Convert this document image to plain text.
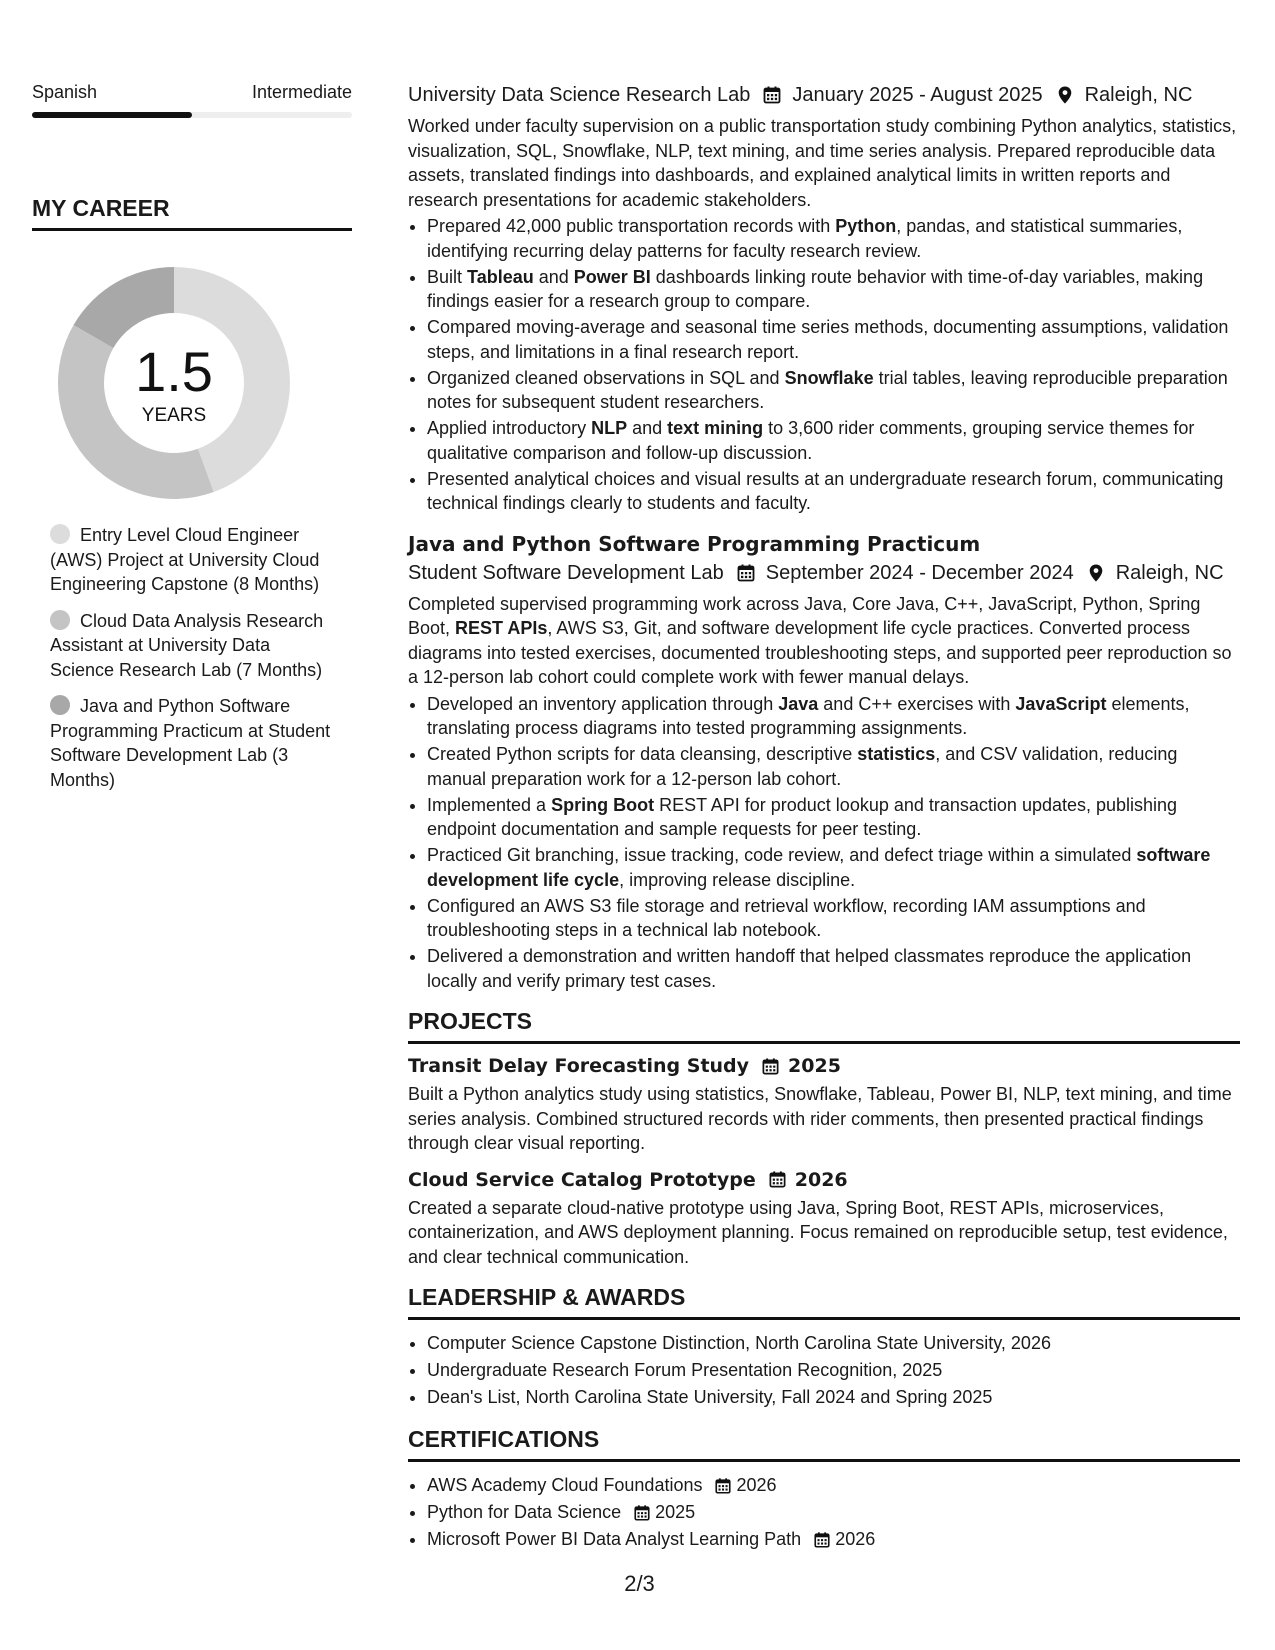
Spanish	Intermediate
MY CAREER
1.5
YEARS
Entry Level Cloud Engineer (AWS) Project at University Cloud Engineering Capstone (8 Months)
Cloud Data Analysis Research Assistant at University Data Science Research Lab (7 Months)
Java and Python Software Programming Practicum at Student Software Development Lab (3 Months)
University Data Science Research Lab January 2025 - August 2025 Raleigh, NC

Worked under faculty supervision on a public transportation study combining Python analytics, statistics, visualization, SQL, Snowflake, NLP, text mining, and time series analysis. Prepared reproducible data assets, translated findings into dashboards, and explained analytical limits in written reports and research presentations for academic stakeholders.

• Prepared 42,000 public transportation records with Python, pandas, and statistical summaries, identifying recurring delay patterns for faculty research review.
• Built Tableau and Power BI dashboards linking route behavior with time-of-day variables, making findings easier for a research group to compare.
• Compared moving-average and seasonal time series methods, documenting assumptions, validation steps, and limitations in a final research report.
• Organized cleaned observations in SQL and Snowflake trial tables, leaving reproducible preparation notes for subsequent student researchers.
• Applied introductory NLP and text mining to 3,600 rider comments, grouping service themes for qualitative comparison and follow-up discussion.
• Presented analytical choices and visual results at an undergraduate research forum, communicating technical findings clearly to students and faculty.
Java and Python Software Programming Practicum
Student Software Development Lab September 2024 - December 2024 Raleigh, NC

Completed supervised programming work across Java, Core Java, C++, JavaScript, Python, Spring Boot, REST APIs, AWS S3, Git, and software development life cycle practices. Converted process diagrams into tested exercises, documented troubleshooting steps, and supported peer reproduction so a 12-person lab cohort could complete work with fewer manual delays.

• Developed an inventory application through Java and C++ exercises with JavaScript elements, translating process diagrams into tested programming assignments.
• Created Python scripts for data cleansing, descriptive statistics, and CSV validation, reducing manual preparation work for a 12-person lab cohort.
• Implemented a Spring Boot REST API for product lookup and transaction updates, publishing endpoint documentation and sample requests for peer testing.
• Practiced Git branching, issue tracking, code review, and defect triage within a simulated software development life cycle, improving release discipline.
• Configured an AWS S3 file storage and retrieval workflow, recording IAM assumptions and troubleshooting steps in a technical lab notebook.
• Delivered a demonstration and written handoff that helped classmates reproduce the application locally and verify primary test cases.
PROJECTS
Transit Delay Forecasting Study 2025

Built a Python analytics study using statistics, Snowflake, Tableau, Power BI, NLP, text mining, and time series analysis. Combined structured records with rider comments, then presented practical findings through clear visual reporting.

Cloud Service Catalog Prototype 2026

Created a separate cloud-native prototype using Java, Spring Boot, REST APIs, microservices, containerization, and AWS deployment planning. Focus remained on reproducible setup, test evidence, and clear technical communication.

LEADERSHIP & AWARDS
• Computer Science Capstone Distinction, North Carolina State University, 2026
• Undergraduate Research Forum Presentation Recognition, 2025
• Dean's List, North Carolina State University, Fall 2024 and Spring 2025
CERTIFICATIONS
• AWS Academy Cloud Foundations 2026
• Python for Data Science 2025
• Microsoft Power BI Data Analyst Learning Path 2026
2/3
